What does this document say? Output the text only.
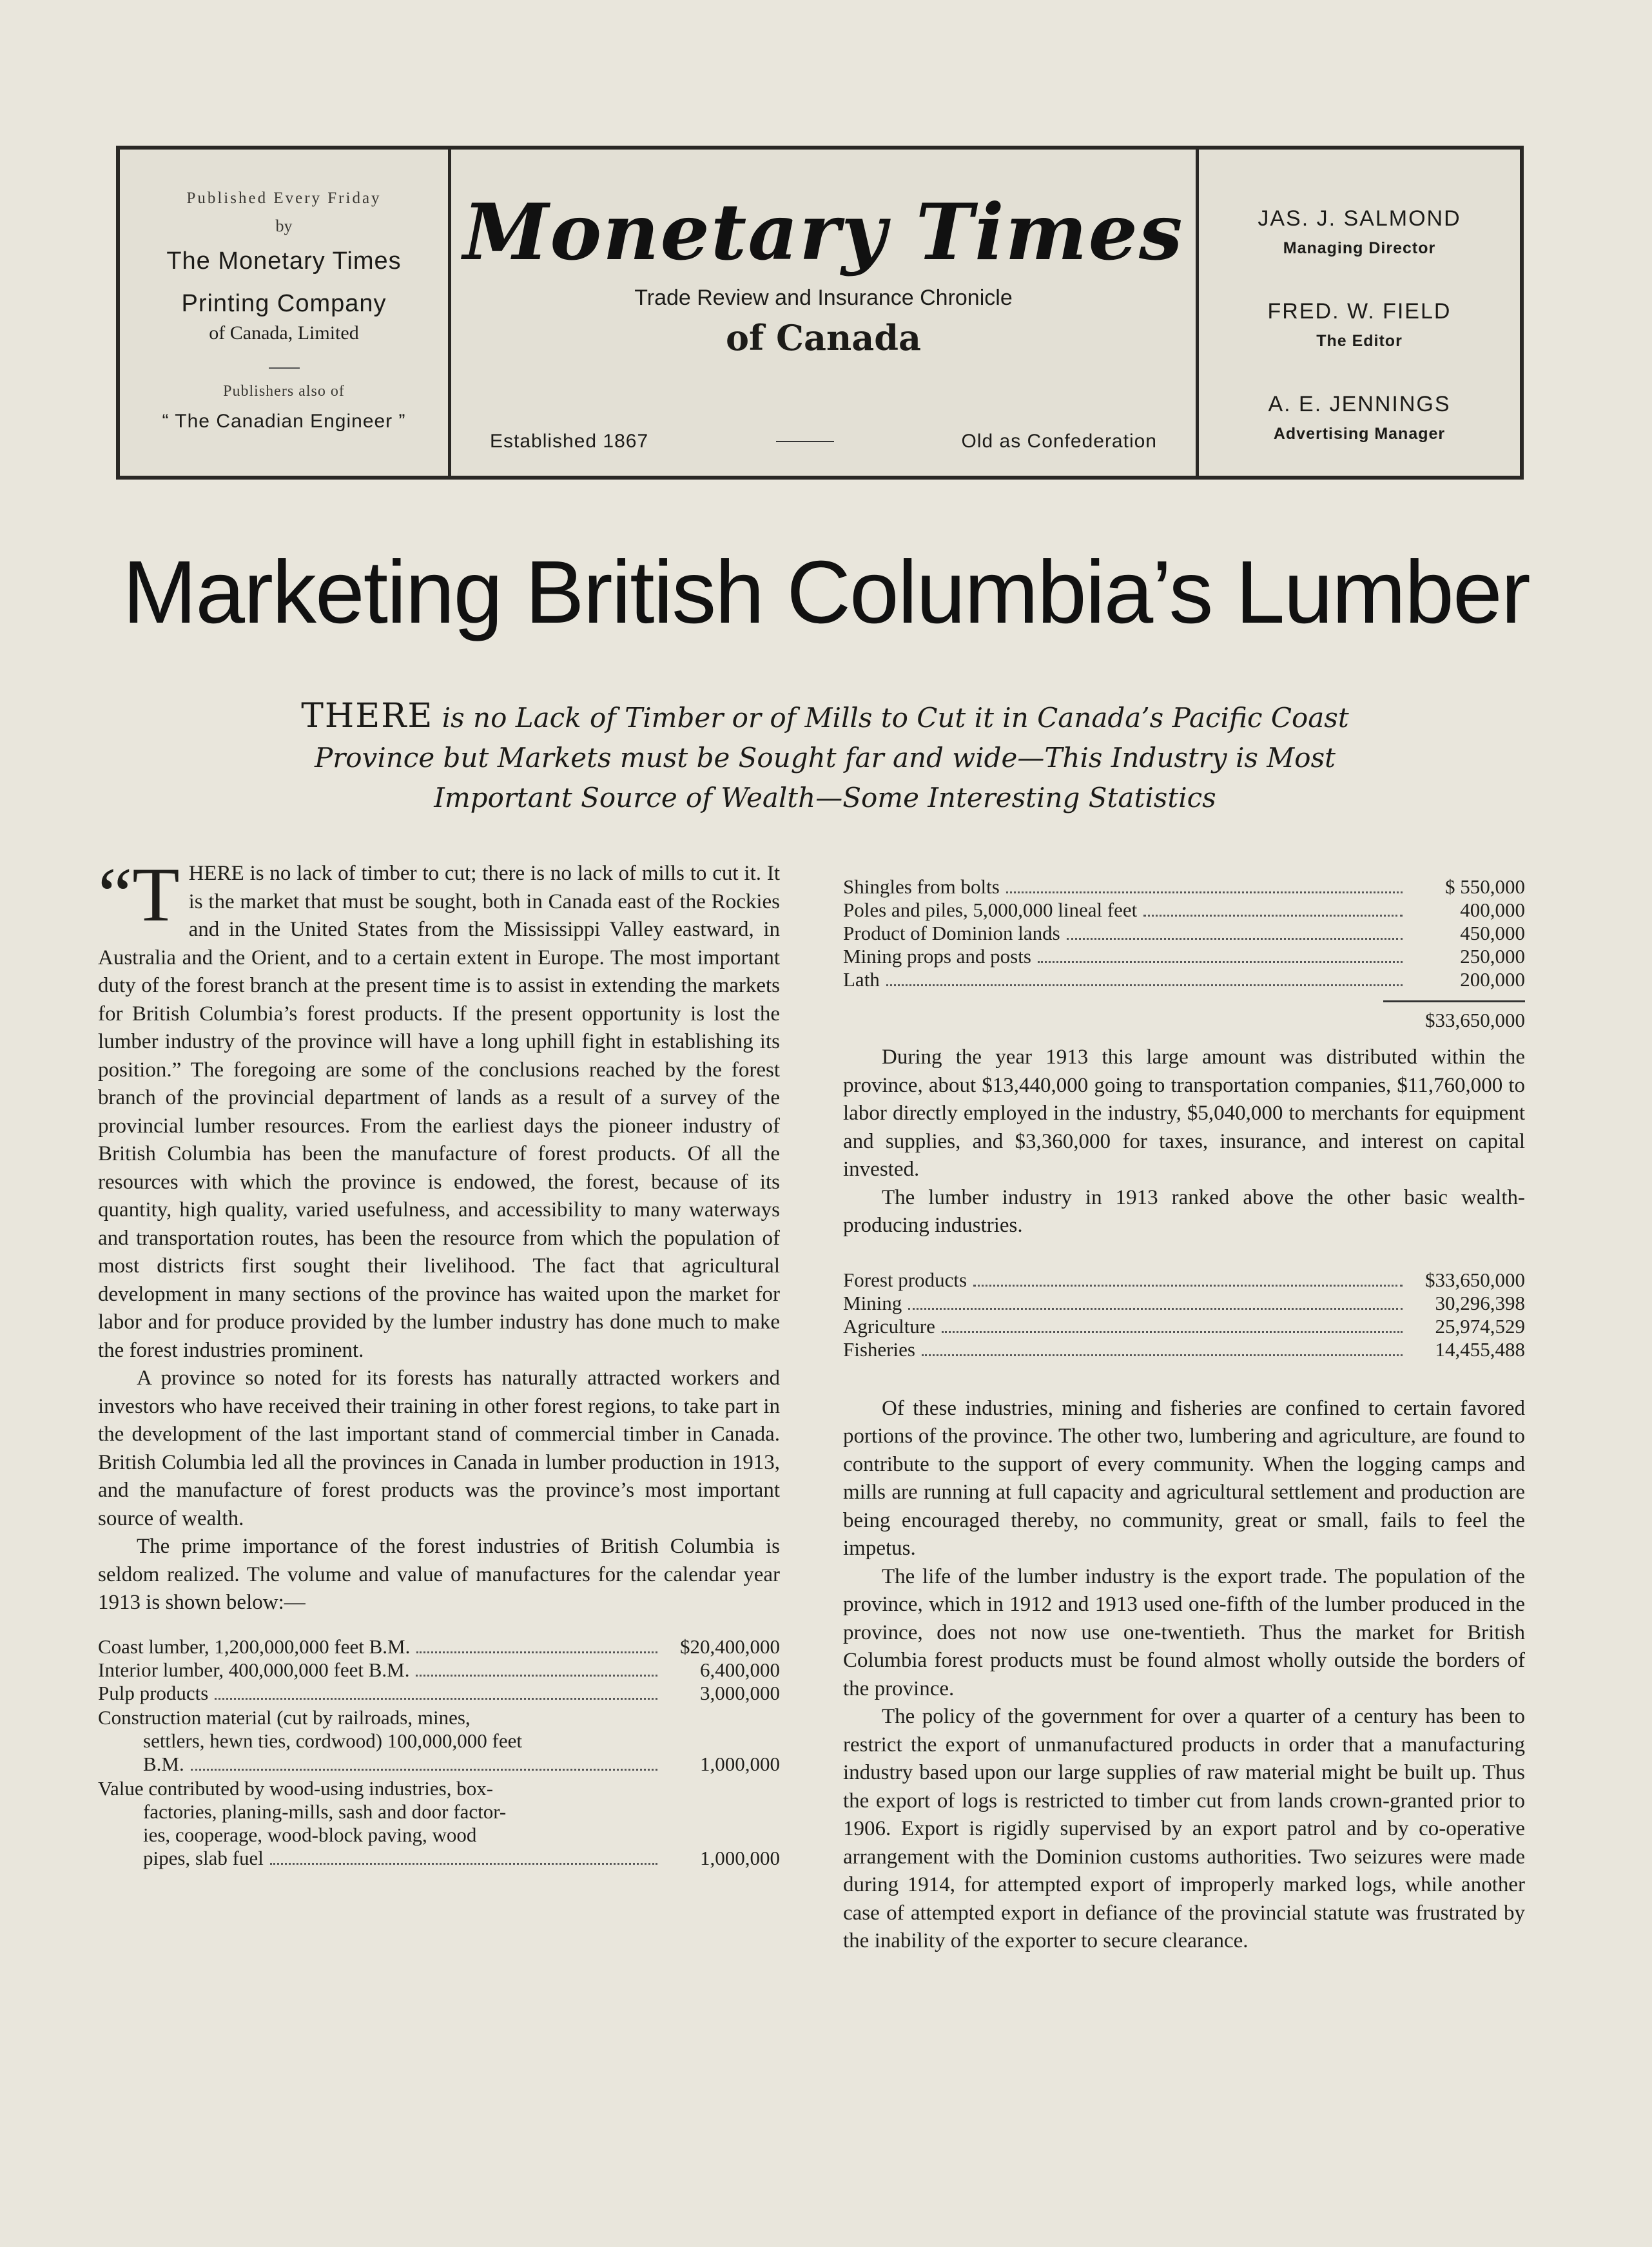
Published Every Friday
by
The Monetary Times
Printing Company
of Canada, Limited
Publishers also of
“ The Canadian Engineer ”
Monetary Times
Trade Review and Insurance Chronicle
of Canada
Established 1867	Old as Confederation
JAS. J. SALMOND
Managing Director
FRED. W. FIELD
The Editor
A. E. JENNINGS
Advertising Manager
Marketing British Columbia’s Lumber
THERE is no Lack of Timber or of Mills to Cut it in Canada’s Pacific Coast Province but Markets must be Sought far and wide—This Industry is Most Important Source of Wealth—Some Interesting Statistics

“T HERE is no lack of timber to cut; there is no lack of mills to cut it. It is the market that must be sought, both in Canada east of the Rockies and in the United States from the Mississippi Valley eastward, in Australia and the Orient, and to a certain extent in Europe. The most important duty of the forest branch at the present time is to assist in extending the markets for British Columbia’s forest products. If the present opportunity is lost the lumber industry of the province will have a long uphill fight in establishing its position.” The foregoing are some of the conclusions reached by the forest branch of the provincial department of lands as a result of a survey of the provincial lumber resources. From the earliest days the pioneer industry of British Columbia has been the manufacture of forest products. Of all the resources with which the province is endowed, the forest, because of its quantity, high quality, varied usefulness, and accessibility to many waterways and transportation routes, has been the resource from which the population of most districts first sought their livelihood. The fact that agricultural development in many sections of the province has waited upon the market for labor and for produce provided by the lumber industry has done much to make the forest industries prominent.

A province so noted for its forests has naturally attracted workers and investors who have received their training in other forest regions, to take part in the development of the last important stand of commercial timber in Canada. British Columbia led all the provinces in Canada in lumber production in 1913, and the manufacture of forest products was the province’s most important source of wealth.

The prime importance of the forest industries of British Columbia is seldom realized. The volume and value of manufactures for the calendar year 1913 is shown below:—

Coast lumber, 1,200,000,000 feet B.M.	$20,400,000
Interior lumber, 400,000,000 feet B.M.	6,400,000
Pulp products	3,000,000
Construction material (cut by railroads, mines,
settlers, hewn ties, cordwood) 100,000,000 feet
B.M.	1,000,000
Value contributed by wood-using industries, box-
factories, planing-mills, sash and door factor-
ies, cooperage, wood-block paving, wood
pipes, slab fuel	1,000,000
Shingles from bolts	$ 550,000
Poles and piles, 5,000,000 lineal feet	400,000
Product of Dominion lands	450,000
Mining props and posts	250,000
Lath	200,000
$33,650,000

During the year 1913 this large amount was distributed within the province, about $13,440,000 going to transportation companies, $11,760,000 to labor directly employed in the industry, $5,040,000 to merchants for equipment and supplies, and $3,360,000 for taxes, insurance, and interest on capital invested.

The lumber industry in 1913 ranked above the other basic wealth-producing industries.

Forest products	$33,650,000
Mining	30,296,398
Agriculture	25,974,529
Fisheries	14,455,488

Of these industries, mining and fisheries are confined to certain favored portions of the province. The other two, lumbering and agriculture, are found to contribute to the support of every community. When the logging camps and mills are running at full capacity and agricultural settlement and production are being encouraged thereby, no community, great or small, fails to feel the impetus.

The life of the lumber industry is the export trade. The population of the province, which in 1912 and 1913 used one-fifth of the lumber produced in the province, does not now use one-twentieth. Thus the market for British Columbia forest products must be found almost wholly outside the borders of the province.

The policy of the government for over a quarter of a century has been to restrict the export of unmanufactured products in order that a manufacturing industry based upon our large supplies of raw material might be built up. Thus the export of logs is restricted to timber cut from lands crown-granted prior to 1906. Export is rigidly supervised by an export patrol and by co-operative arrangement with the Dominion customs authorities. Two seizures were made during 1914, for attempted export of improperly marked logs, while another case of attempted export in defiance of the provincial statute was frustrated by the inability of the exporter to secure clearance.
